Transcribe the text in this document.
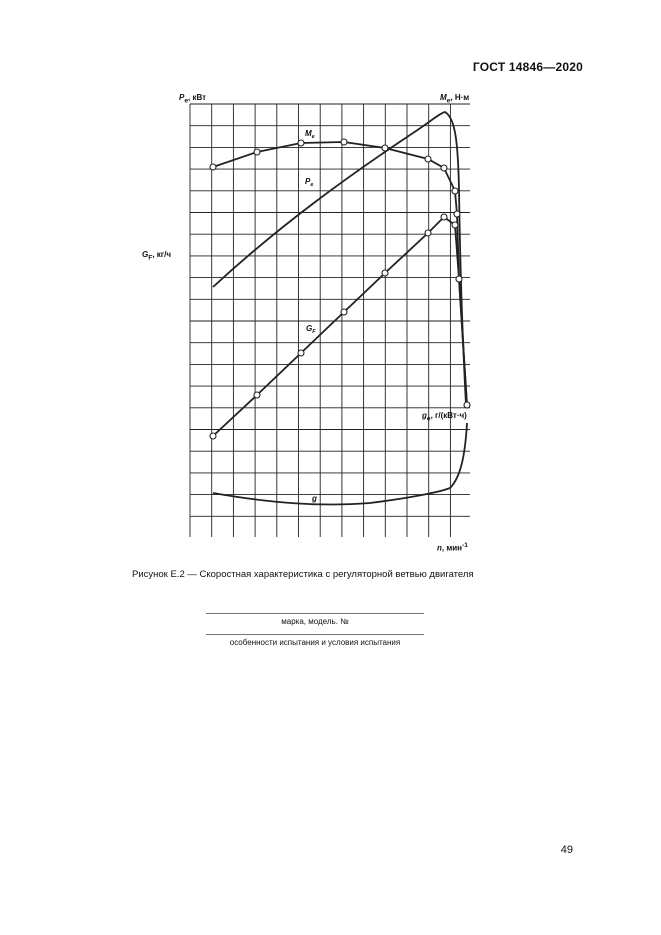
ГОСТ 14846—2020
$M_e$
$P_e$
$G_F$
g
$P_e$, кВт	$M_e$, Н·м
$G_F$, кг/ч
$g_e$, г/(кВт·ч)
n, мин$^{-1}$
Рисунок Е.2 — Скоростная характеристика с регуляторной ветвью двигателя
марка, модель. №
особенности испытания и условия испытания
49
